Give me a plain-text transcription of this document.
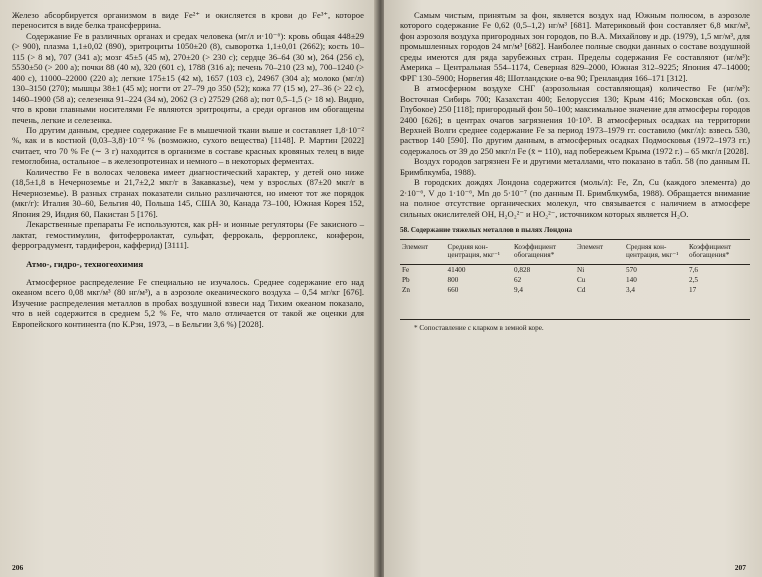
Железо абсорбируется организмом в виде Fe²⁺ и окисляется в крови до Fe³⁺, которое переносится в виде белка трансферрина.

Содержание Fe в различных органах и средах человека (мг/л и·10⁻⁶): кровь общая 448±29 (> 900), плазма 1,1±0,02 (890), эритроциты 1050±20 (8), сыворотка 1,1±0,01 (2662); кость 10–115 (> 8 м), 707 (341 а); мозг 45±5 (45 м), 270±20 (> 230 с); сердце 36–64 (30 м), 264 (256 с), 5530±50 (> 200 а); почки 88 (40 м), 320 (601 с), 1788 (316 а); печень 70–210 (23 м), 700–1240 (> 400 с), 11000–22000 (220 а); легкие 175±15 (42 м), 1657 (103 с), 24967 (304 а); молоко (мг/л) 130–3150 (270); мышцы 38±1 (45 м); ногти от 27–79 до 350 (52); кожа 77 (15 м), 27–36 (> 22 с), 1460–1900 (58 а); селезенка 91–224 (34 м), 2062 (3 с) 27529 (268 а); пот 0,5–1,5 (> 18 м). Видно, что в крови главными носителями Fe являются эритроциты, а среди органов им обогащены печень, легкие и селезенка.

По другим данным, среднее содержание Fe в мышечной ткани выше и составляет 1,8·10⁻² %, как и в костной (0,03–3,8)·10⁻² % (возможно, сухого вещества) [1148]. Р. Мартин [2022] считает, что 70 % Fe (∼ 3 г) находится в организме в составе красных кровяных телец в виде гемоглобина, остальное – в железопротеинах и немного – в некоторых ферментах.

Количество Fe в волосах человека имеет диагностический характер, у детей оно ниже (18,5±1,8 в Нечерноземье и 21,7±2,2 мкг/г в Закавказье), чем у взрослых (87±20 мкг/г в Нечерноземье). В разных странах показатели сильно различаются, но имеют тот же порядок (мкг/г): Италия 30–60, Бельгия 40, Польша 145, США 30, Канада 73–100, Южная Корея 152, Япония 29, Индия 60, Пакистан 5 [176].

Лекарственные препараты Fe используются, как рН- и ионные регуляторы (Fe закисного – лактат, гемостимулин, фитоферролактат, сульфат, феррокаль, ферроплекс, конферон, ферроградумент, тардиферон, кафферид) [3111].

Атмо-, гидро-, техногеохимия

Атмосферное распределение Fe специально не изучалось. Среднее содержание его над океаном всего 0,08 мкг/м³ (80 нг/м³), а в аэрозоле океанического воздуха – 0,54 мг/кг [676]. Изучение распределения металлов в пробах воздушной взвеси над Тихим океаном показало, что в ней содержится в среднем 5,2 % Fe, что мало отличается от такой же оценки для Европейского континента (по К.Рэн, 1973, – в Бельгии 3,6 %) [2028].

206

Самым чистым, принятым за фон, является воздух над Южным полюсом, в аэрозоле которого содержание Fe 0,62 (0,5–1,2) нг/м³ [681]. Материковый фон составляет 6,8 мкг/м³, фон аэрозоля воздуха пригородных зон городов, по В.А. Михайлову и др. (1979), 1,5 мг/м³, для промышленных городов 24 мг/м³ [682]. Наиболее полные сводки данных о составе воздушной среды имеются для ряда зарубежных стран. Пределы содержания Fe составляют (нг/м³): Америка – Центральная 554–1174, Северная 829–2000, Южная 312–9225; Япония 47–14000; ФРГ 130–5900; Норвегия 48; Шотландские о-ва 90; Гренландия 166–171 [312].

В атмосферном воздухе СНГ (аэрозольная составляющая) количество Fe (нг/м³): Восточная Сибирь 700; Казахстан 400; Белоруссия 130; Крым 416; Московская обл. (оз. Глубокое) 250 [118]; пригородный фон 50–100; максимальное значение для атмосферы городов 2400 [626]; в центрах очагов загрязнения 10·10⁵. В атмосферных осадках на территории Верхней Волги среднее содержание Fe за период 1973–1979 гг. составило (мкг/л): взвесь 530, раствор 140 [590]. По другим данным, в атмосферных осадках Подмосковья (1972–1973 гг.) содержалось от 39 до 250 мкг/л Fe (x̄ = 110), над побережьем Крыма (1972 г.) – 65 мкг/л [2028].

Воздух городов загрязнен Fe и другими металлами, что показано в табл. 58 (по данным П. Бримблкумба, 1988).

В городских дождях Лондона содержится (моль/л): Fe, Zn, Cu (каждого элемента) до 2·10⁻⁶, V до 1·10⁻⁶, Mn до 5·10⁻⁷ (по данным П. Бримблкумба, 1988). Обращается внимание на полное отсутствие органических молекул, что связывается с наличием в атмосфере сильных окислителей OH, H₂O₂²⁻ и HO₂²⁻, источником которых является H₂O.

58. Содержание тяжелых металлов в пылях Лондона
Элемент	Средняя кон-центрация, мкг⁻¹	Коэффициент обогащения*	Элемент	Средняя кон-центрация, мкг⁻¹	Коэффициент обогащения*
Fe	41400	0,828	Ni	570	7,6
Pb	800	62	Cu	140	2,5
Zn	660	9,4	Cd	3,4	17
* Сопоставление с кларком в земной коре.
207
